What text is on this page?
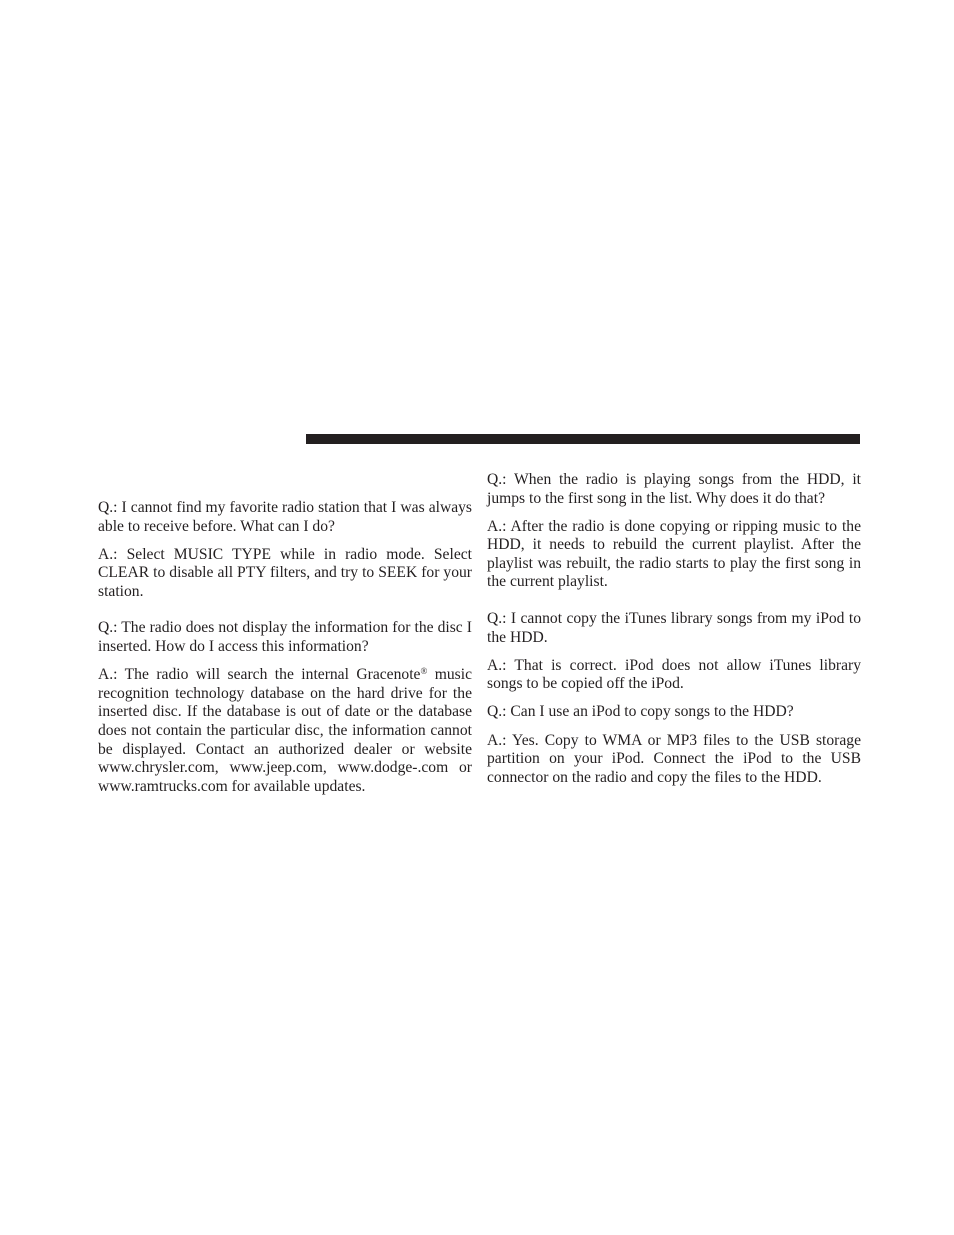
Q.: I cannot find my favorite radio station that I was always able to receive before. What can I do?

A.: Select MUSIC TYPE while in radio mode. Select CLEAR to disable all PTY filters, and try to SEEK for your station.

Q.: The radio does not display the information for the disc I inserted. How do I access this information?

A.: The radio will search the internal Gracenote® music recognition technology database on the hard drive for the inserted disc. If the database is out of date or the database does not contain the particular disc, the information cannot be displayed. Contact an authorized dealer or website www.chrysler.com, www.jeep.com, www.dodge-.com or www.ramtrucks.com for available updates.

Q.: When the radio is playing songs from the HDD, it jumps to the first song in the list. Why does it do that?

A.: After the radio is done copying or ripping music to the HDD, it needs to rebuild the current playlist. After the playlist was rebuilt, the radio starts to play the first song in the current playlist.

Q.: I cannot copy the iTunes library songs from my iPod to the HDD.

A.: That is correct. iPod does not allow iTunes library songs to be copied off the iPod.

Q.: Can I use an iPod to copy songs to the HDD?

A.: Yes. Copy to WMA or MP3 files to the USB storage partition on your iPod. Connect the iPod to the USB connector on the radio and copy the files to the HDD.
